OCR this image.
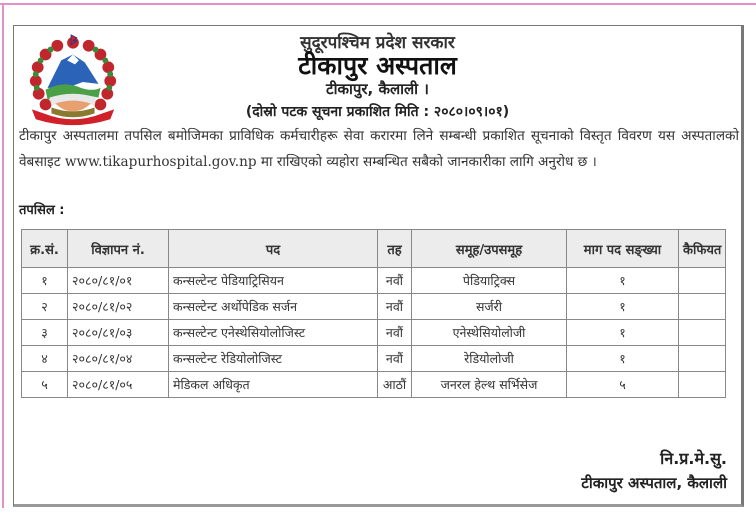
सुदूरपश्चिम प्रदेश सरकार
टीकापुर अस्पताल
टीकापुर, कैलाली ।
(दोस्रो पटक सूचना प्रकाशित मिति : २०८०।०९।०१)
टीकापुर अस्पतालमा तपसिल बमोजिमका प्राविधिक कर्मचारीहरू सेवा करारमा लिने सम्बन्धी प्रकाशित सूचनाको विस्तृत विवरण यस अस्पतालको वेबसाइट www.tikapurhospital.gov.np मा राखिएको व्यहोरा सम्बन्धित सबैको जानकारीका लागि अनुरोध छ ।
तपसिल :
क्र.सं.	विज्ञापन नं.	पद	तह	समूह/उपसमूह	माग पद सङ्ख्या	कैफियत
१	२०८०/८१/०१	कन्सल्टेन्ट पेडियाट्रिसियन	नवौं	पेडियाट्रिक्स	१	
२	२०८०/८१/०२	कन्सल्टेन्ट अर्थोपेडिक सर्जन	नवौं	सर्जरी	१	
३	२०८०/८१/०३	कन्सल्टेन्ट एनेस्थेसियोलोजिस्ट	नवौं	एनेस्थेसियोलोजी	१	
४	२०८०/८१/०४	कन्सल्टेन्ट रेडियोलोजिस्ट	नवौं	रेडियोलोजी	१	
५	२०८०/८१/०५	मेडिकल अधिकृत	आठौं	जनरल हेल्थ सर्भिसेज	५	
नि.प्र.मे.सु.
टीकापुर अस्पताल, कैलाली
